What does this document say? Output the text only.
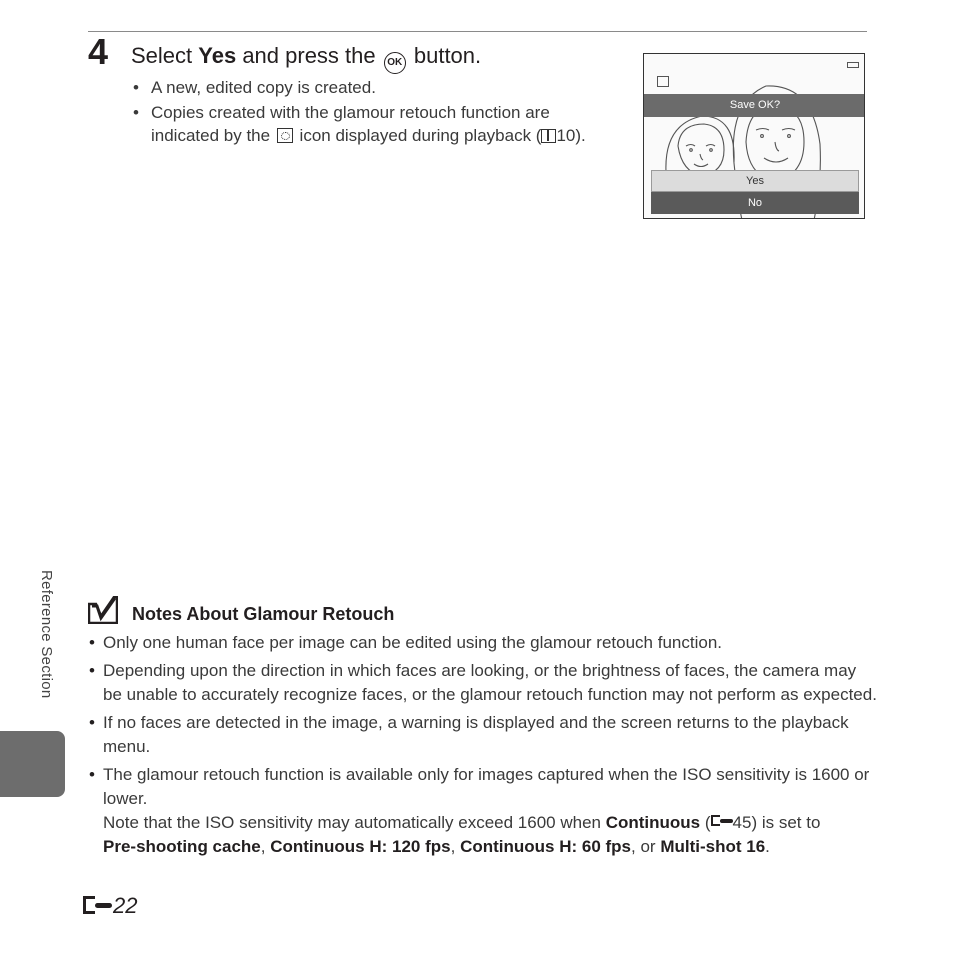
4 Select Yes and press the OK button.
• A new, edited copy is created.
• Copies created with the glamour retouch function are indicated by the  icon displayed during playback ( 10).
Save OK?
Yes
No
Reference Section	Notes About Glamour Retouch
• Only one human face per image can be edited using the glamour retouch function.
• Depending upon the direction in which faces are looking, or the brightness of faces, the camera may be unable to accurately recognize faces, or the glamour retouch function may not perform as expected.
• If no faces are detected in the image, a warning is displayed and the screen returns to the playback menu.
• The glamour retouch function is available only for images captured when the ISO sensitivity is 1600 or lower.
Note that the ISO sensitivity may automatically exceed 1600 when Continuous ( 45) is set to
Pre-shooting cache, Continuous H: 120 fps, Continuous H: 60 fps, or Multi-shot 16.
22
